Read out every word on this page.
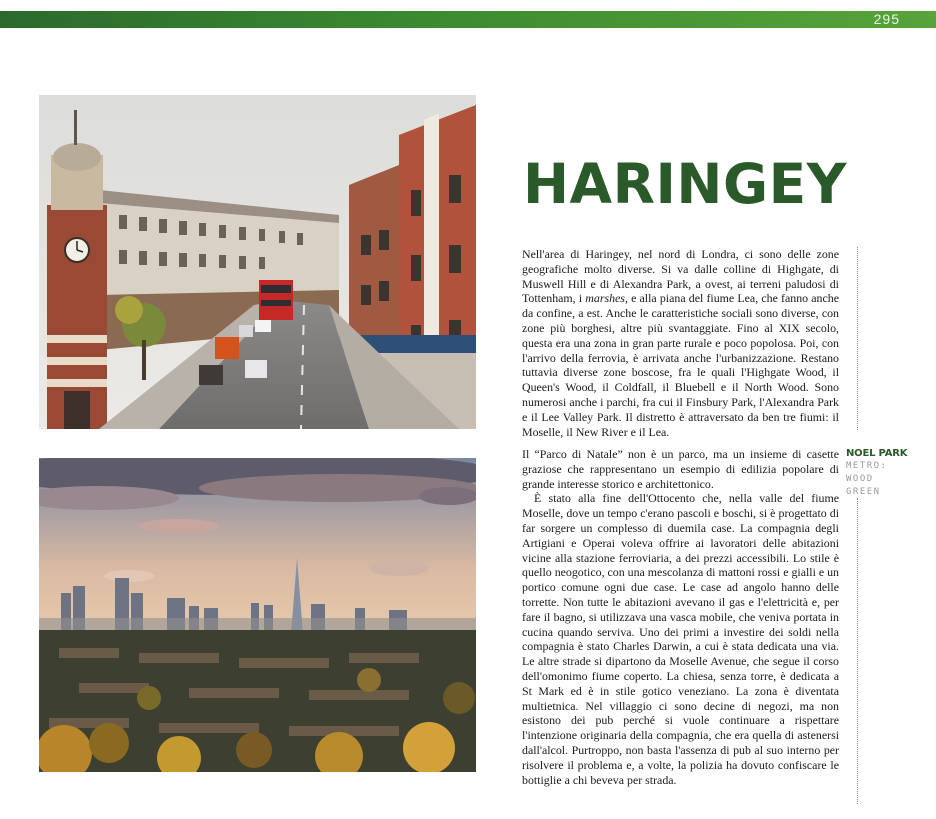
295
HARINGEY

Nell'area di Haringey, nel nord di Londra, ci sono delle zone geografiche molto diverse. Si va dalle colline di Highgate, di Muswell Hill e di Alexandra Park, a ovest, ai terreni paludosi di Tottenham, i marshes, e alla piana del fiume Lea, che fanno anche da confine, a est. Anche le caratteristiche sociali sono diverse, con zone più borghesi, altre più svantaggiate. Fino al XIX secolo, questa era una zona in gran parte rurale e poco popolosa. Poi, con l'arrivo della ferrovia, è arrivata anche l'urbanizzazione. Restano tuttavia diverse zone boscose, fra le quali l'Highgate Wood, il Queen's Wood, il Coldfall, il Bluebell e il North Wood. Sono numerosi anche i parchi, fra cui il Finsbury Park, l'Alexandra Park e il Lee Valley Park. Il distretto è attraversato da ben tre fiumi: il Moselle, il New River e il Lea.

Il “Parco di Natale” non è un parco, ma un insieme di casette graziose che rappresentano un esempio di edilizia popolare di grande interesse storico e architettonico.
È stato alla fine dell'Ottocento che, nella valle del fiume Moselle, dove un tempo c'erano pascoli e boschi, si è progettato di far sorgere un complesso di duemila case. La compagnia degli Artigiani e Operai voleva offrire ai lavoratori delle abitazioni vicine alla stazione ferroviaria, a dei prezzi accessibili. Lo stile è quello neogotico, con una mescolanza di mattoni rossi e gialli e un portico comune ogni due case. Le case ad angolo hanno delle torrette. Non tutte le abitazioni avevano il gas e l'elettricità e, per fare il bagno, si utilizzava una vasca mobile, che veniva portata in cucina quando serviva. Uno dei primi a investire dei soldi nella compagnia è stato Charles Darwin, a cui è stata dedicata una via. Le altre strade si dipartono da Moselle Avenue, che segue il corso dell'omonimo fiume coperto. La chiesa, senza torre, è dedicata a St Mark ed è in stile gotico veneziano. La zona è diventata multietnica. Nel villaggio ci sono decine di negozi, ma non esistono dei pub perché si vuole continuare a rispettare l'intenzione originaria della compagnia, che era quella di astenersi dall'alcol. Purtroppo, non basta l'assenza di pub al suo interno per risolvere il problema e, a volte, la polizia ha dovuto confiscare le bottiglie a chi beveva per strada.
NOEL PARK
METRO: WOOD GREEN
